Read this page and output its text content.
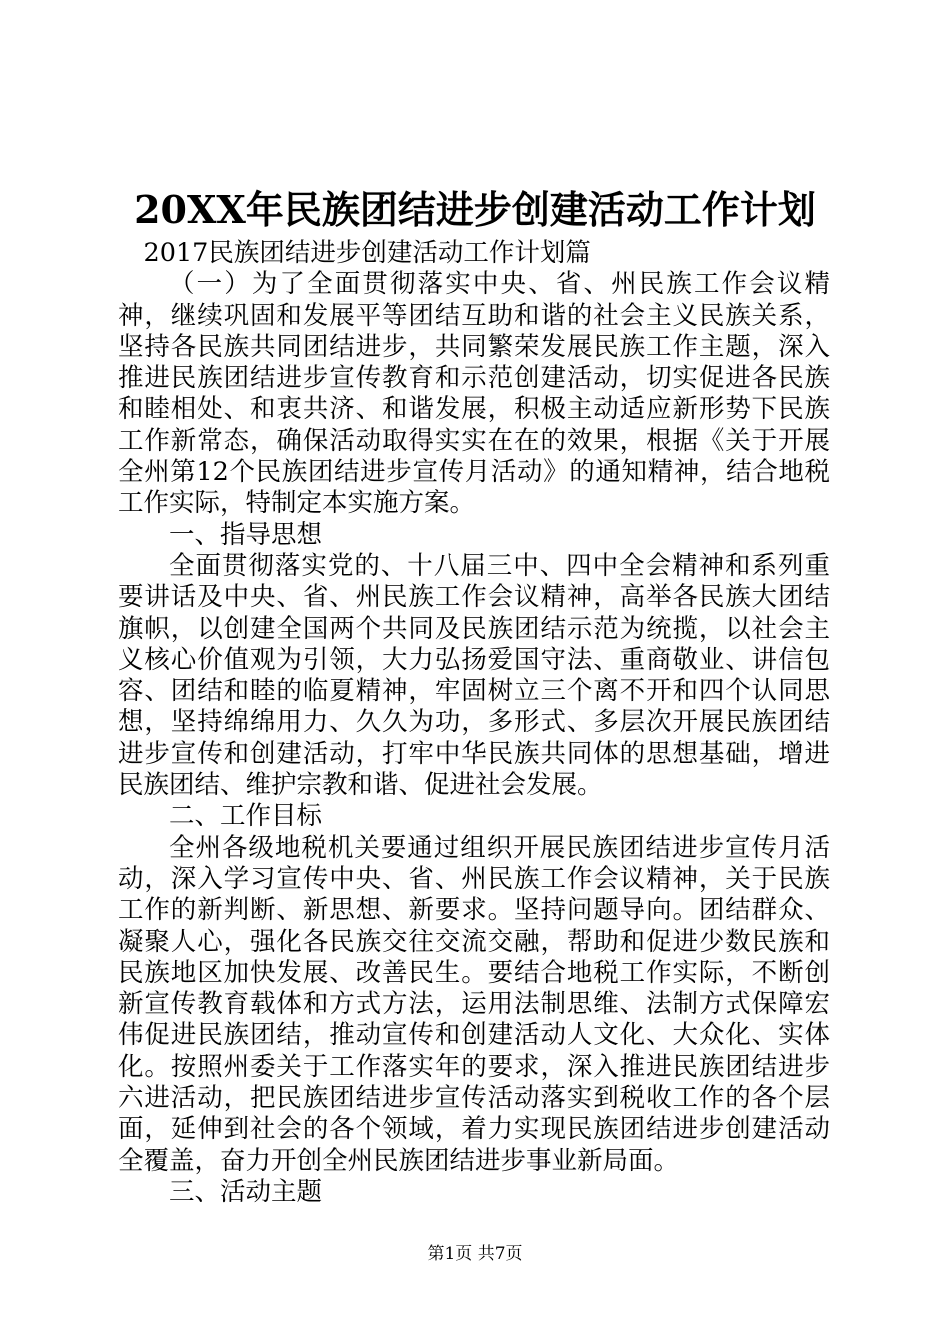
20XX年民族团结进步创建活动工作计划

2017民族团结进步创建活动工作计划篇

（一）为了全面贯彻落实中央、省、州民族工作会议精神，继续巩固和发展平等团结互助和谐的社会主义民族关系，坚持各民族共同团结进步，共同繁荣发展民族工作主题，深入推进民族团结进步宣传教育和示范创建活动，切实促进各民族和睦相处、和衷共济、和谐发展，积极主动适应新形势下民族工作新常态，确保活动取得实实在在的效果，根据《关于开展全州第12个民族团结进步宣传月活动》的通知精神，结合地税工作实际，特制定本实施方案。

一、指导思想

全面贯彻落实党的、十八届三中、四中全会精神和系列重要讲话及中央、省、州民族工作会议精神，高举各民族大团结旗帜，以创建全国两个共同及民族团结示范为统揽，以社会主义核心价值观为引领，大力弘扬爱国守法、重商敬业、讲信包容、团结和睦的临夏精神，牢固树立三个离不开和四个认同思想，坚持绵绵用力、久久为功，多形式、多层次开展民族团结进步宣传和创建活动，打牢中华民族共同体的思想基础，增进民族团结、维护宗教和谐、促进社会发展。

二、工作目标

全州各级地税机关要通过组织开展民族团结进步宣传月活动，深入学习宣传中央、省、州民族工作会议精神，关于民族工作的新判断、新思想、新要求。坚持问题导向。团结群众、凝聚人心，强化各民族交往交流交融，帮助和促进少数民族和民族地区加快发展、改善民生。要结合地税工作实际，不断创新宣传教育载体和方式方法，运用法制思维、法制方式保障宏伟促进民族团结，推动宣传和创建活动人文化、大众化、实体化。按照州委关于工作落实年的要求，深入推进民族团结进步六进活动，把民族团结进步宣传活动落实到税收工作的各个层面，延伸到社会的各个领域，着力实现民族团结进步创建活动全覆盖，奋力开创全州民族团结进步事业新局面。

三、活动主题

第1页 共7页
